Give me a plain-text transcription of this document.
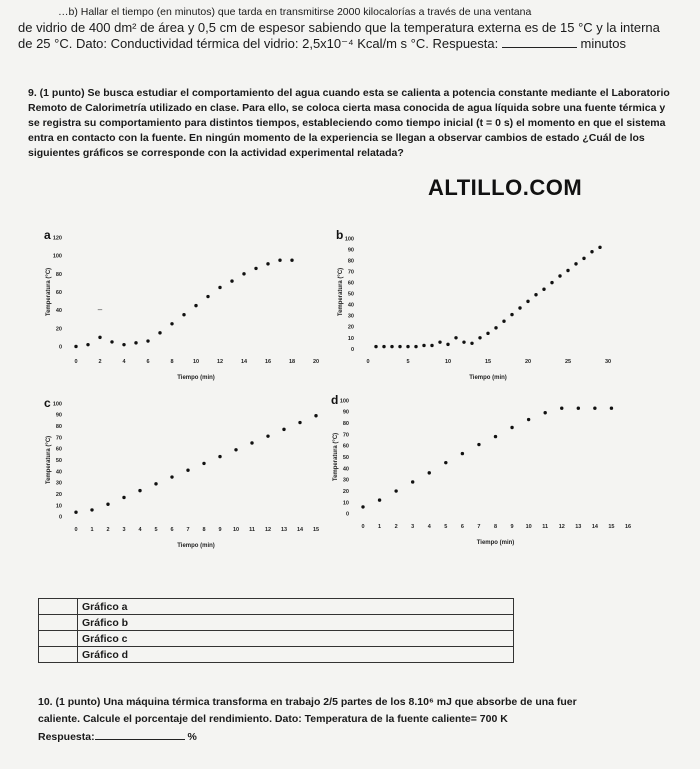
…b) Hallar el tiempo (en minutos) que tarda en transmitirse 2000 kilocalorías a través de una ventana
de vidrio de 400 dm² de área y 0,5 cm de espesor sabiendo que la temperatura externa es de 15 °C y la interna
de 25 °C. Dato: Conductividad térmica del vidrio: 2,5x10⁻⁴ Kcal/m s °C. Respuesta:	minutos
9. (1 punto) Se busca estudiar el comportamiento del agua cuando esta se calienta a potencia constante mediante el Laboratorio Remoto de Calorimetría utilizado en clase. Para ello, se coloca cierta masa conocida de agua líquida sobre una fuente térmica y se registra su comportamiento para distintos tiempos, estableciendo como tiempo inicial (t = 0 s) el momento en que el sistema entra en contacto con la fuente. En ningún momento de la experiencia se llegan a observar cambios de estado ¿Cuál de los siguientes gráficos se corresponde con la actividad experimental relatada?
ALTILLO.COM
a
0
20
40
60
80
100
120
0	2	4	6	8	10	12	14	16	18	20
Tiempo (min)
Temperatura (°C)	–
b
0
10
20
30
40
50
60
70
80
90
100
0	5	10	15	20	25	30
Tiempo (min)
Temperatura (°C)
c
0
10
20
30
40
50
60
70
80
90
100
0 1 2 3 4 5 6 7 8 9 10 11 12 13 14 15
Tiempo (min)
Temperatura (°C)
d
0
10
20
30
40
50
60
70
80
90
100
0 1 2 3 4 5 6 7 8 9 10 11 12 13 14 15 16
Tiempo (min)
Temperatura (°C)
	Gráfico a
	Gráfico b
	Gráfico c
	Gráfico d
10. (1 punto) Una máquina térmica transforma en trabajo 2/5 partes de los 8.10⁶ mJ que absorbe de una fuer
caliente. Calcule el porcentaje del rendimiento. Dato: Temperatura de la fuente caliente= 700 K
Respuesta:	%
